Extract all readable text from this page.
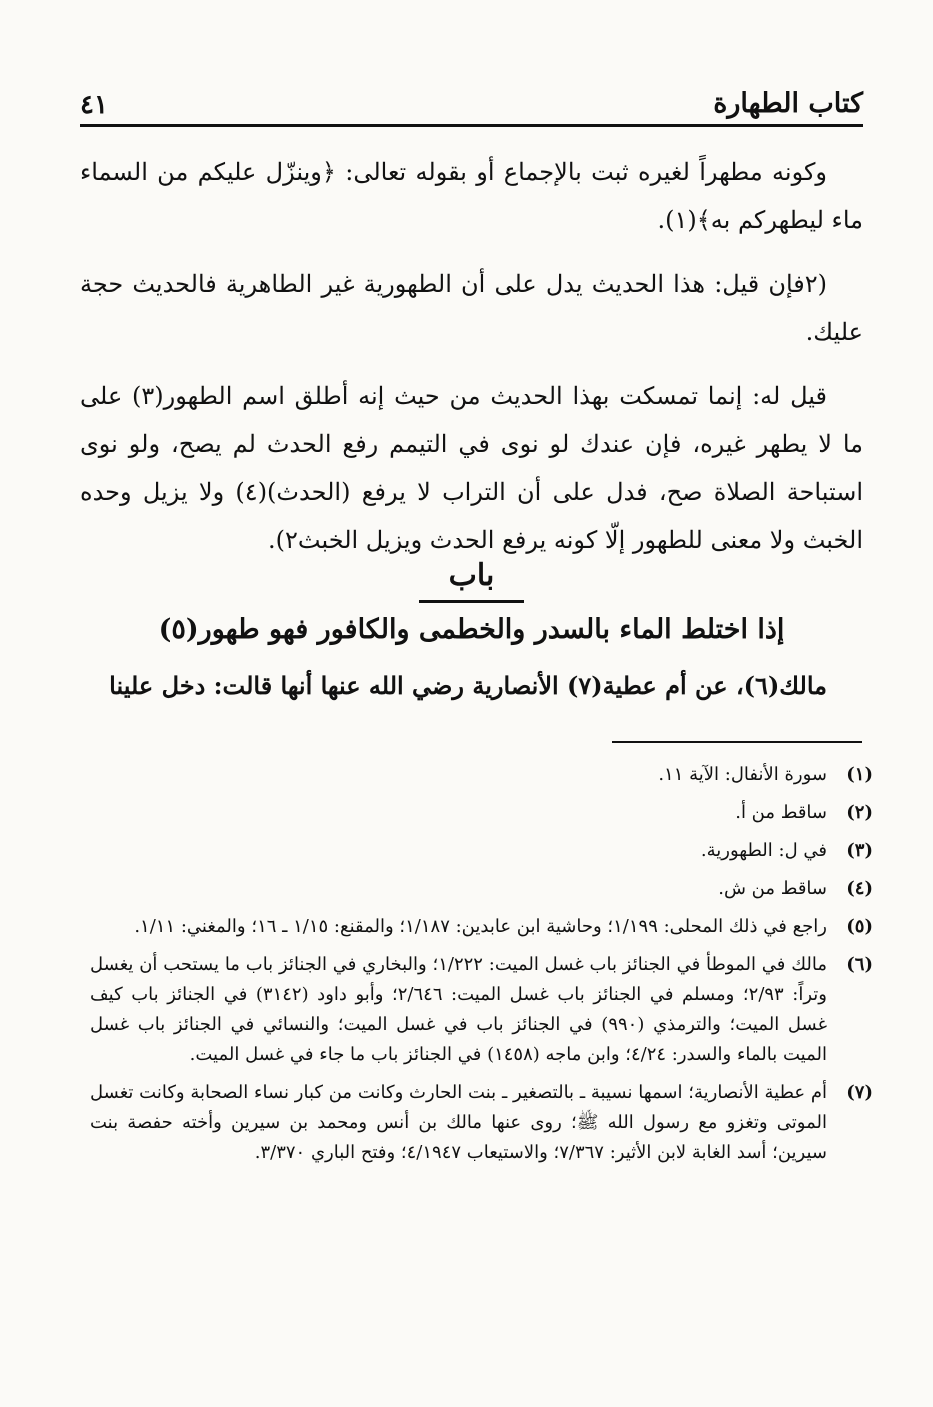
٤١	كتاب الطهارة

وكونه مطهراً لغيره ثبت بالإجماع أو بقوله تعالى: ﴿وينزّل عليكم من السماء ماء ليطهركم به﴾(١).

(٢فإن قيل: هذا الحديث يدل على أن الطهورية غير الطاهرية فالحديث حجة عليك.

قيل له: إنما تمسكت بهذا الحديث من حيث إنه أطلق اسم الطهور(٣) على ما لا يطهر غيره، فإن عندك لو نوى في التيمم رفع الحدث لم يصح، ولو نوى استباحة الصلاة صح، فدل على أن التراب لا يرفع (الحدث)(٤) ولا يزيل وحده الخبث ولا معنى للطهور إلّا كونه يرفع الحدث ويزيل الخبث٢).

باب
إذا اختلط الماء بالسدر والخطمى والكافور فهو طهور(٥)
مالك(٦)، عن أم عطية(٧) الأنصارية رضي الله عنها أنها قالت: دخل علينا
(١)
سورة الأنفال: الآية ١١.
(٢)
ساقط من أ.
(٣)
في ل: الطهورية.
(٤)
ساقط من ش.
(٥)
راجع في ذلك المحلى: ١/١٩٩؛ وحاشية ابن عابدين: ١/١٨٧؛ والمقنع: ١/١٥ ـ ١٦؛ والمغني: ١/١١.
(٦)
مالك في الموطأ في الجنائز باب غسل الميت: ١/٢٢٢؛ والبخاري في الجنائز باب ما يستحب أن يغسل وتراً: ٢/٩٣؛ ومسلم في الجنائز باب غسل الميت: ٢/٦٤٦؛ وأبو داود (٣١٤٢) في الجنائز باب كيف غسل الميت؛ والترمذي (٩٩٠) في الجنائز باب في غسل الميت؛ والنسائي في الجنائز باب غسل الميت بالماء والسدر: ٤/٢٤؛ وابن ماجه (١٤٥٨) في الجنائز باب ما جاء في غسل الميت.
(٧)
أم عطية الأنصارية؛ اسمها نسيبة ـ بالتصغير ـ بنت الحارث وكانت من كبار نساء الصحابة وكانت تغسل الموتى وتغزو مع رسول الله ﷺ؛ روى عنها مالك بن أنس ومحمد بن سيرين وأخته حفصة بنت سيرين؛ أسد الغابة لابن الأثير: ٧/٣٦٧؛ والاستيعاب ٤/١٩٤٧؛ وفتح الباري ٣/٣٧٠.
